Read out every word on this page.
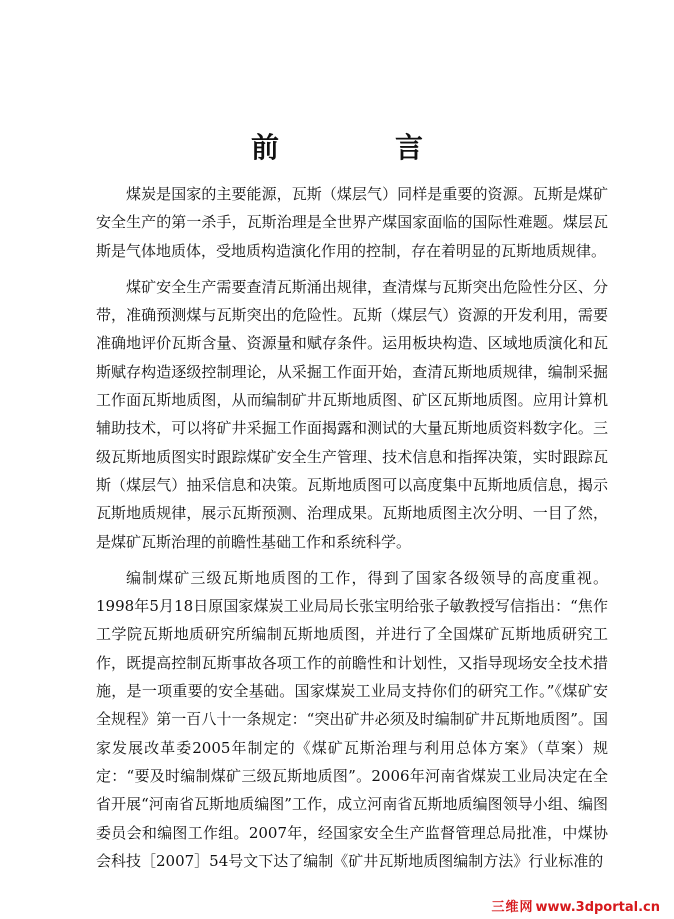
前　言

煤炭是国家的主要能源，瓦斯（煤层气）同样是重要的资源。瓦斯是煤矿安全生产的第一杀手，瓦斯治理是全世界产煤国家面临的国际性难题。煤层瓦斯是气体地质体，受地质构造演化作用的控制，存在着明显的瓦斯地质规律。

煤矿安全生产需要查清瓦斯涌出规律，查清煤与瓦斯突出危险性分区、分带，准确预测煤与瓦斯突出的危险性。瓦斯（煤层气）资源的开发利用，需要准确地评价瓦斯含量、资源量和赋存条件。运用板块构造、区域地质演化和瓦斯赋存构造逐级控制理论，从采掘工作面开始，查清瓦斯地质规律，编制采掘工作面瓦斯地质图，从而编制矿井瓦斯地质图、矿区瓦斯地质图。应用计算机辅助技术，可以将矿井采掘工作面揭露和测试的大量瓦斯地质资料数字化。三级瓦斯地质图实时跟踪煤矿安全生产管理、技术信息和指挥决策，实时跟踪瓦斯（煤层气）抽采信息和决策。瓦斯地质图可以高度集中瓦斯地质信息，揭示瓦斯地质规律，展示瓦斯预测、治理成果。瓦斯地质图主次分明、一目了然，是煤矿瓦斯治理的前瞻性基础工作和系统科学。

编制煤矿三级瓦斯地质图的工作，得到了国家各级领导的高度重视。1998年5月18日原国家煤炭工业局局长张宝明给张子敏教授写信指出：“焦作工学院瓦斯地质研究所编制瓦斯地质图，并进行了全国煤矿瓦斯地质研究工作，既提高控制瓦斯事故各项工作的前瞻性和计划性，又指导现场安全技术措施，是一项重要的安全基础。国家煤炭工业局支持你们的研究工作。”《煤矿安全规程》第一百八十一条规定：“突出矿井必须及时编制矿井瓦斯地质图”。国家发展改革委2005年制定的《煤矿瓦斯治理与利用总体方案》（草案）规定：“要及时编制煤矿三级瓦斯地质图”。2006年河南省煤炭工业局决定在全省开展“河南省瓦斯地质编图”工作，成立河南省瓦斯地质编图领导小组、编图委员会和编图工作组。2007年，经国家安全生产监督管理总局批准，中煤协会科技［2007］54号文下达了编制《矿井瓦斯地质图编制方法》行业标准的

三维网 www.3dportal.cn
